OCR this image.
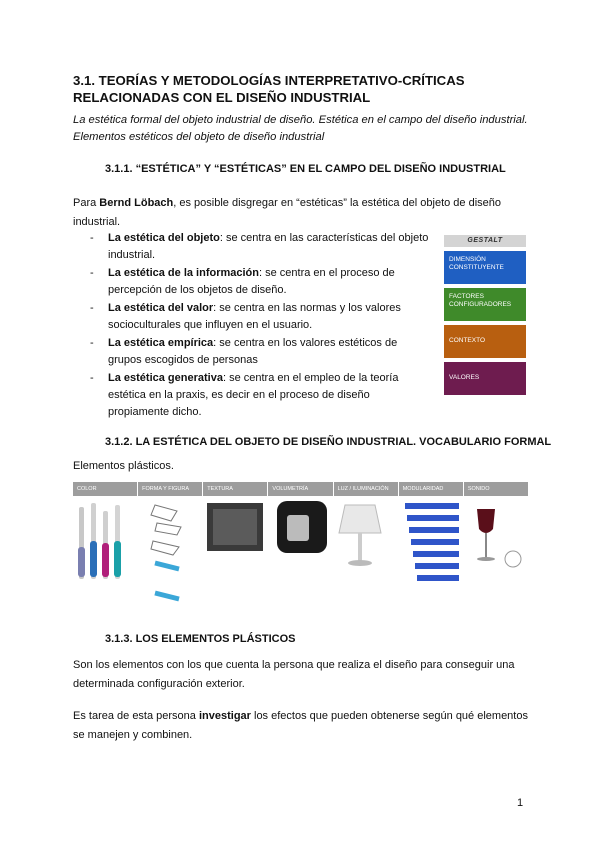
3.1. TEORÍAS Y METODOLOGÍAS INTERPRETATIVO-CRÍTICAS RELACIONADAS CON EL DISEÑO INDUSTRIAL
La estética formal del objeto industrial de diseño. Estética en el campo del diseño industrial. Elementos estéticos del objeto de diseño industrial
3.1.1. “ESTÉTICA” Y “ESTÉTICAS” EN EL CAMPO DEL DISEÑO INDUSTRIAL
Para Bernd Löbach, es posible disgregar en “estéticas” la estética del objeto de diseño industrial.
- La estética del objeto: se centra en las características del objeto industrial.
- La estética de la información: se centra en el proceso de percepción de los objetos de diseño.
- La estética del valor: se centra en las normas y los valores socioculturales que influyen en el usuario.
- La estética empírica: se centra en los valores estéticos de grupos escogidos de personas
- La estética generativa: se centra en el empleo de la teoría estética en la praxis, es decir en el proceso de diseño propiamente dicho.
GESTALT
DIMENSIÓN CONSTITUYENTE
FACTORES CONFIGURADORES
CONTEXTO
VALORES
3.1.2. LA ESTÉTICA DEL OBJETO DE DISEÑO INDUSTRIAL. VOCABULARIO FORMAL
Elementos plásticos.
COLOR	FORMA Y FIGURA	TEXTURA	VOLUMETRÍA	LUZ / ILUMINACIÓN	MODULARIDAD	SONIDO
3.1.3. LOS ELEMENTOS PLÁSTICOS
Son los elementos con los que cuenta la persona que realiza el diseño para conseguir una determinada configuración exterior.
Es tarea de esta persona investigar los efectos que pueden obtenerse según qué elementos se manejen y combinen.
1
